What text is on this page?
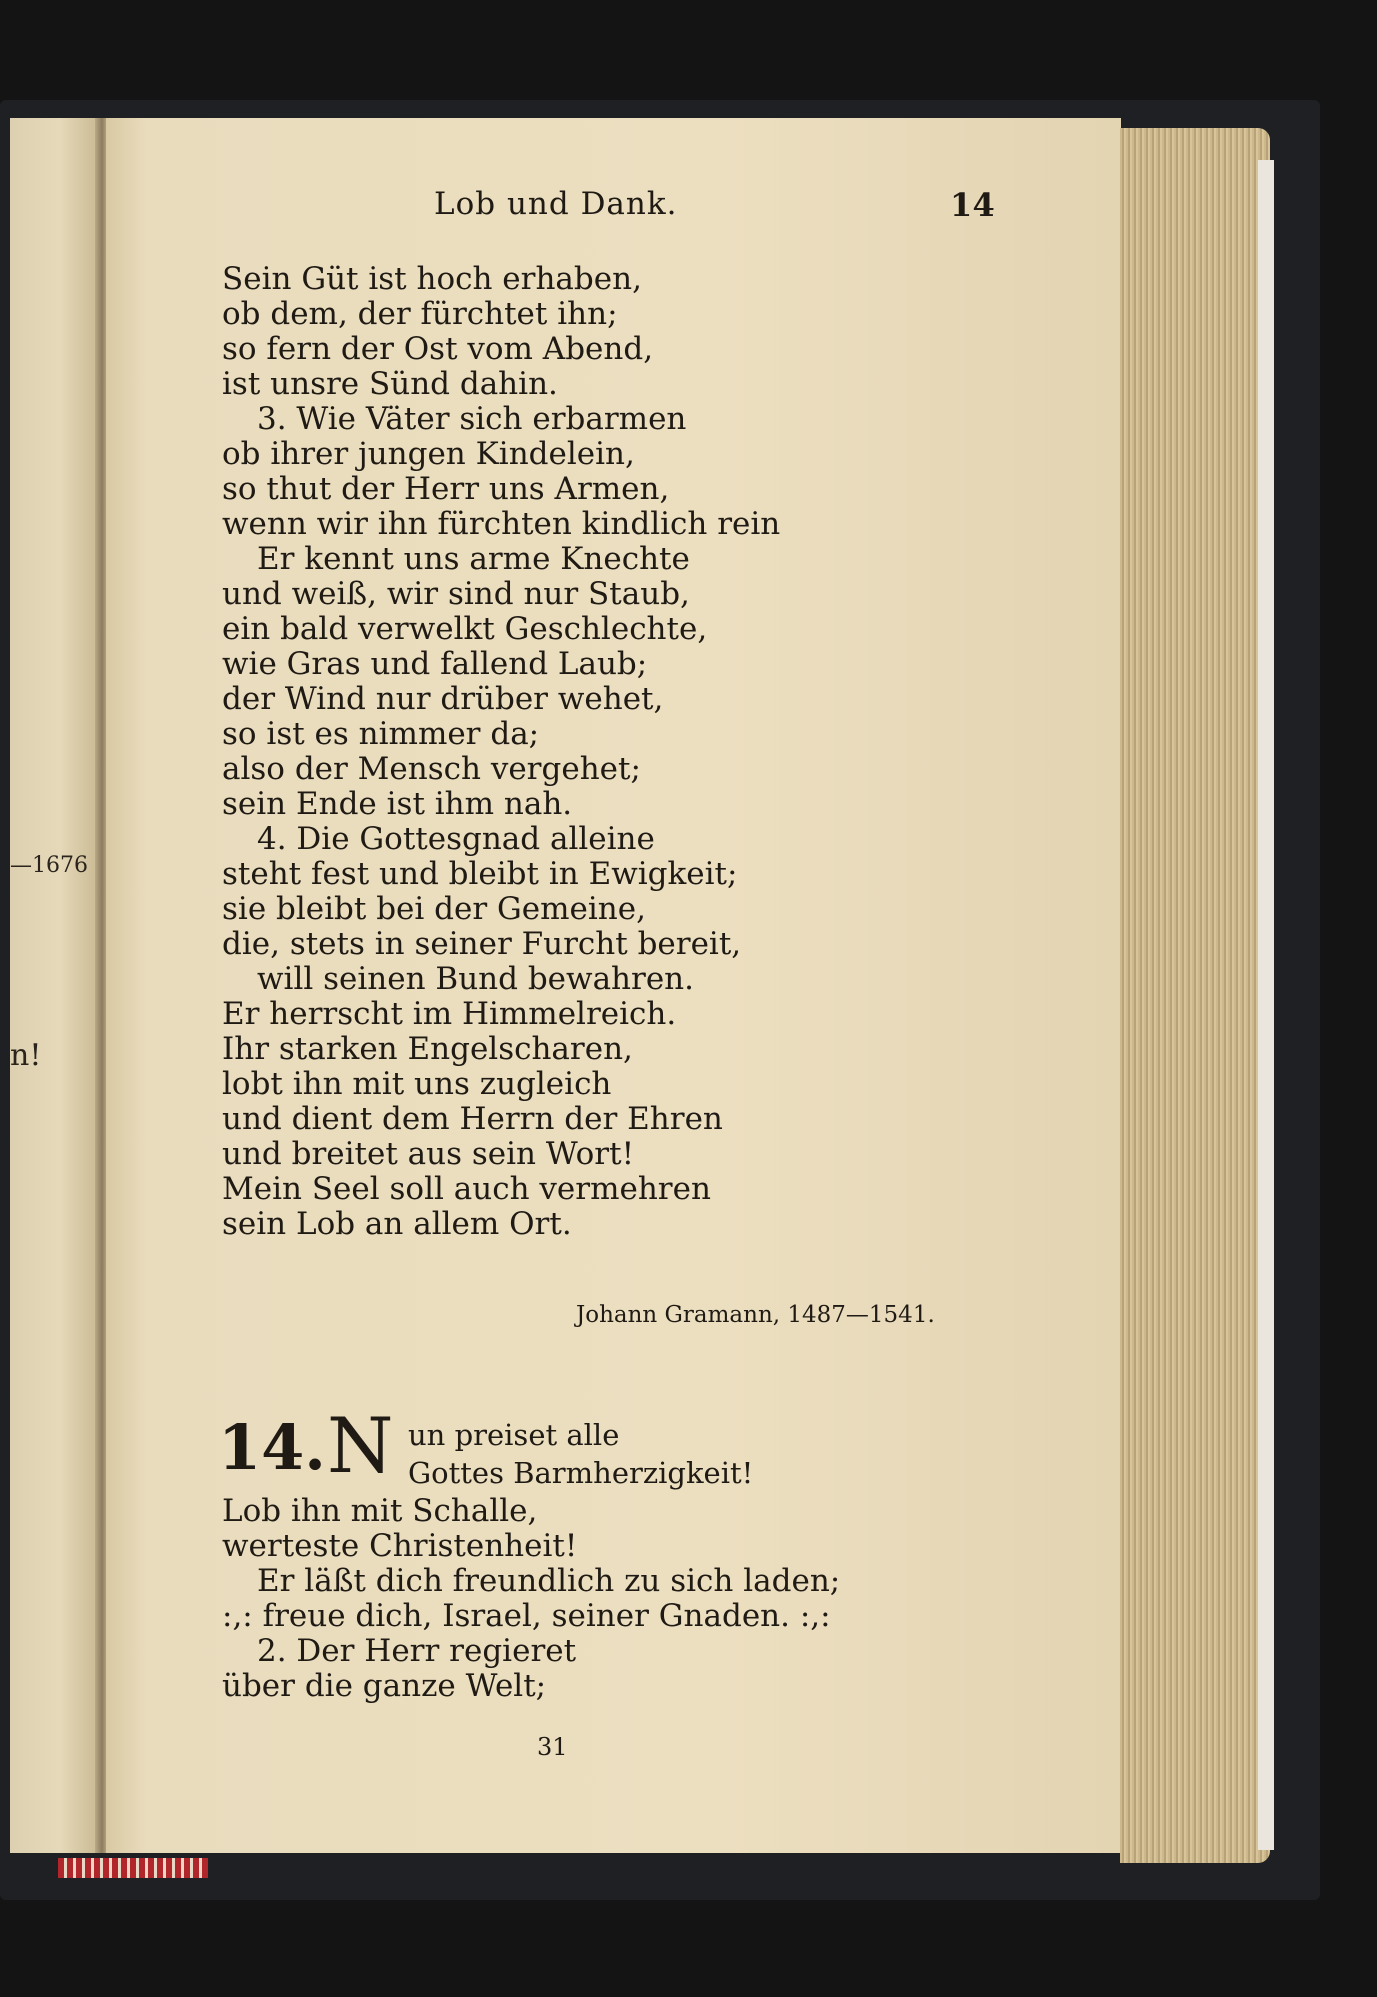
—1676
n!
Lob und Dank.	14
Sein Güt ist hoch erhaben,
ob dem, der fürchtet ihn;
so fern der Ost vom Abend,
ist unsre Sünd dahin.
3. Wie Väter sich erbarmen
ob ihrer jungen Kindelein,
so thut der Herr uns Armen,
wenn wir ihn fürchten kindlich rein
Er kennt uns arme Knechte
und weiß, wir sind nur Staub,
ein bald verwelkt Geschlechte,
wie Gras und fallend Laub;
der Wind nur drüber wehet,
so ist es nimmer da;
also der Mensch vergehet;
sein Ende ist ihm nah.
4. Die Gottesgnad alleine
steht fest und bleibt in Ewigkeit;
sie bleibt bei der Gemeine,
die, stets in seiner Furcht bereit,
will seinen Bund bewahren.
Er herrscht im Himmelreich.
Ihr starken Engelscharen,
lobt ihn mit uns zugleich
und dient dem Herrn der Ehren
und breitet aus sein Wort!
Mein Seel soll auch vermehren
sein Lob an allem Ort.
Johann Gramann, 1487—1541.
14. N un preiset alle
Gottes Barmherzigkeit!
Lob ihn mit Schalle,
werteste Christenheit!
Er läßt dich freundlich zu sich laden;
:,: freue dich, Israel, seiner Gnaden. :,:
2. Der Herr regieret
über die ganze Welt;
31
